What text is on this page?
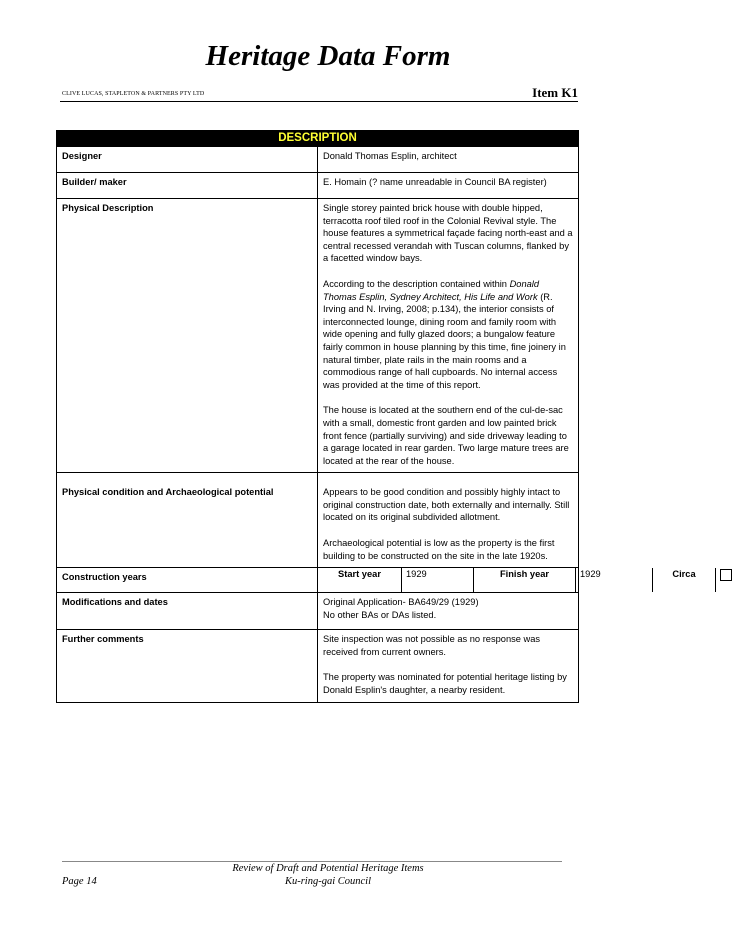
Heritage Data Form
CLIVE LUCAS, STAPLETON & PARTNERS PTY LTD	Item K1
DESCRIPTION
Designer	Donald Thomas Esplin, architect
Builder/ maker	E. Homain (? name unreadable in Council BA register)
Physical Description	Single storey painted brick house with double hipped, terracotta roof tiled roof in the Colonial Revival style. The house features a symmetrical façade facing north-east and a central recessed verandah with Tuscan columns, flanked by a facetted window bays.

According to the description contained within Donald Thomas Esplin, Sydney Architect, His Life and Work (R. Irving and N. Irving, 2008; p.134), the interior consists of interconnected lounge, dining room and family room with wide opening and fully glazed doors; a bungalow feature fairly common in house planning by this time, fine joinery in natural timber, plate rails in the main rooms and a commodious range of hall cupboards. No internal access was provided at the time of this report.

The house is located at the southern end of the cul-de-sac with a small, domestic front garden and low painted brick front fence (partially surviving) and side driveway leading to a garage located in rear garden. Two large mature trees are located at the rear of the house.

Physical condition and Archaeological potential	Appears to be good condition and possibly highly intact to original construction date, both externally and internally. Still located on its original subdivided allotment.

Archaeological potential is low as the property is the first building to be constructed on the site in the late 1920s.

Construction years		Start year	1929	Finish year	1929	Circa	

Modifications and dates	Original Application- BA649/29 (1929)
No other BAs or DAs listed.

Further comments	Site inspection was not possible as no response was received from current owners.

The property was nominated for potential heritage listing by Donald Esplin's daughter, a nearby resident.

Review of Draft and Potential Heritage Items
Ku-ring-gai Council
Page 14
